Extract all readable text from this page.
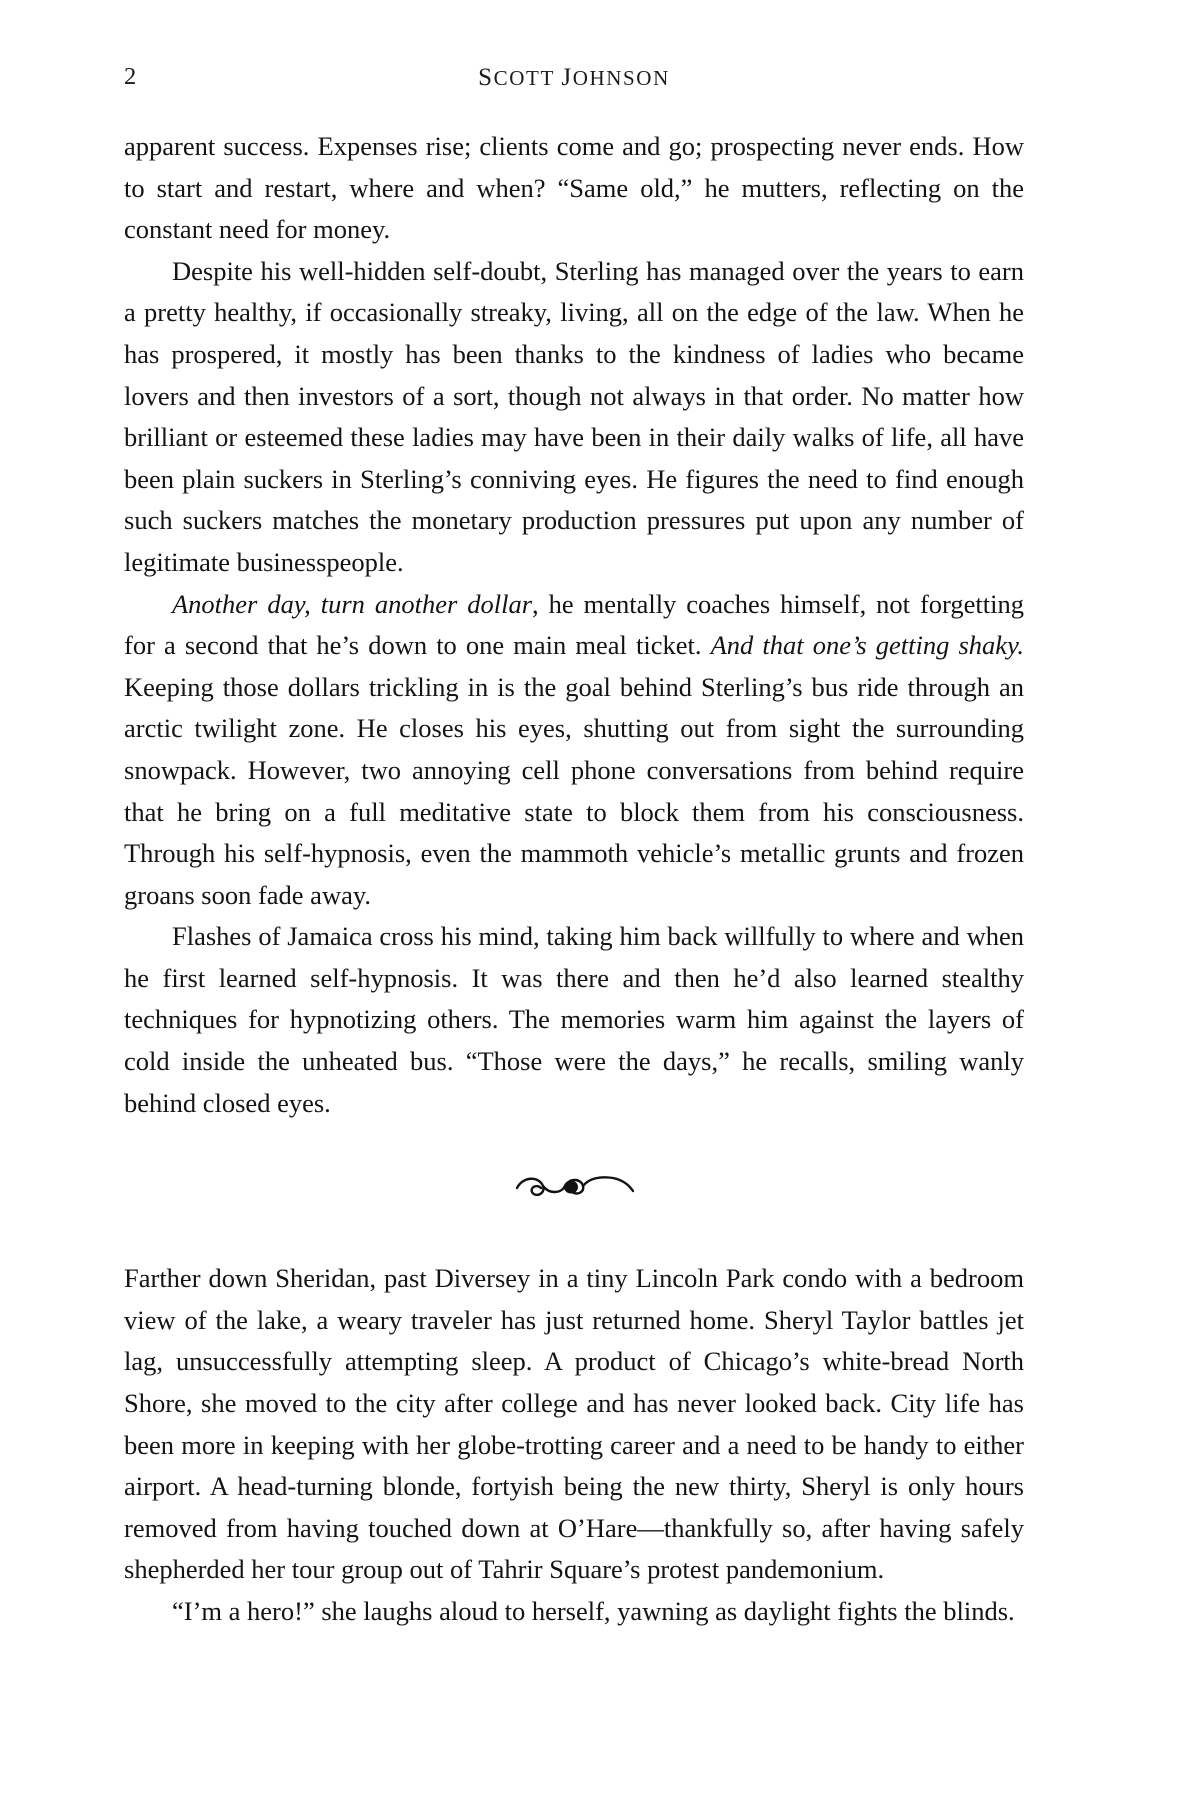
2	SCOTT JOHNSON

apparent success. Expenses rise; clients come and go; prospecting never ends. How to start and restart, where and when? “Same old,” he mutters, reflecting on the constant need for money.

Despite his well-hidden self-doubt, Sterling has managed over the years to earn a pretty healthy, if occasionally streaky, living, all on the edge of the law. When he has prospered, it mostly has been thanks to the kindness of ladies who became lovers and then investors of a sort, though not always in that order. No matter how brilliant or esteemed these ladies may have been in their daily walks of life, all have been plain suckers in Sterling’s conniving eyes. He figures the need to find enough such suckers matches the monetary production pressures put upon any number of legitimate businesspeople.

Another day, turn another dollar, he mentally coaches himself, not forgetting for a second that he’s down to one main meal ticket. And that one’s getting shaky. Keeping those dollars trickling in is the goal behind Sterling’s bus ride through an arctic twilight zone. He closes his eyes, shutting out from sight the surrounding snowpack. However, two annoying cell phone conversations from behind require that he bring on a full meditative state to block them from his consciousness. Through his self-hypnosis, even the mammoth vehicle’s metallic grunts and frozen groans soon fade away.

Flashes of Jamaica cross his mind, taking him back willfully to where and when he first learned self-hypnosis. It was there and then he’d also learned stealthy techniques for hypnotizing others. The memories warm him against the layers of cold inside the unheated bus. “Those were the days,” he recalls, smiling wanly behind closed eyes.

Farther down Sheridan, past Diversey in a tiny Lincoln Park condo with a bedroom view of the lake, a weary traveler has just returned home. Sheryl Taylor battles jet lag, unsuccessfully attempting sleep. A product of Chicago’s white-bread North Shore, she moved to the city after college and has never looked back. City life has been more in keeping with her globe-trotting career and a need to be handy to either airport. A head-turning blonde, fortyish being the new thirty, Sheryl is only hours removed from having touched down at O’Hare—thankfully so, after having safely shepherded her tour group out of Tahrir Square’s protest pandemonium.

“I’m a hero!” she laughs aloud to herself, yawning as daylight fights the blinds.
